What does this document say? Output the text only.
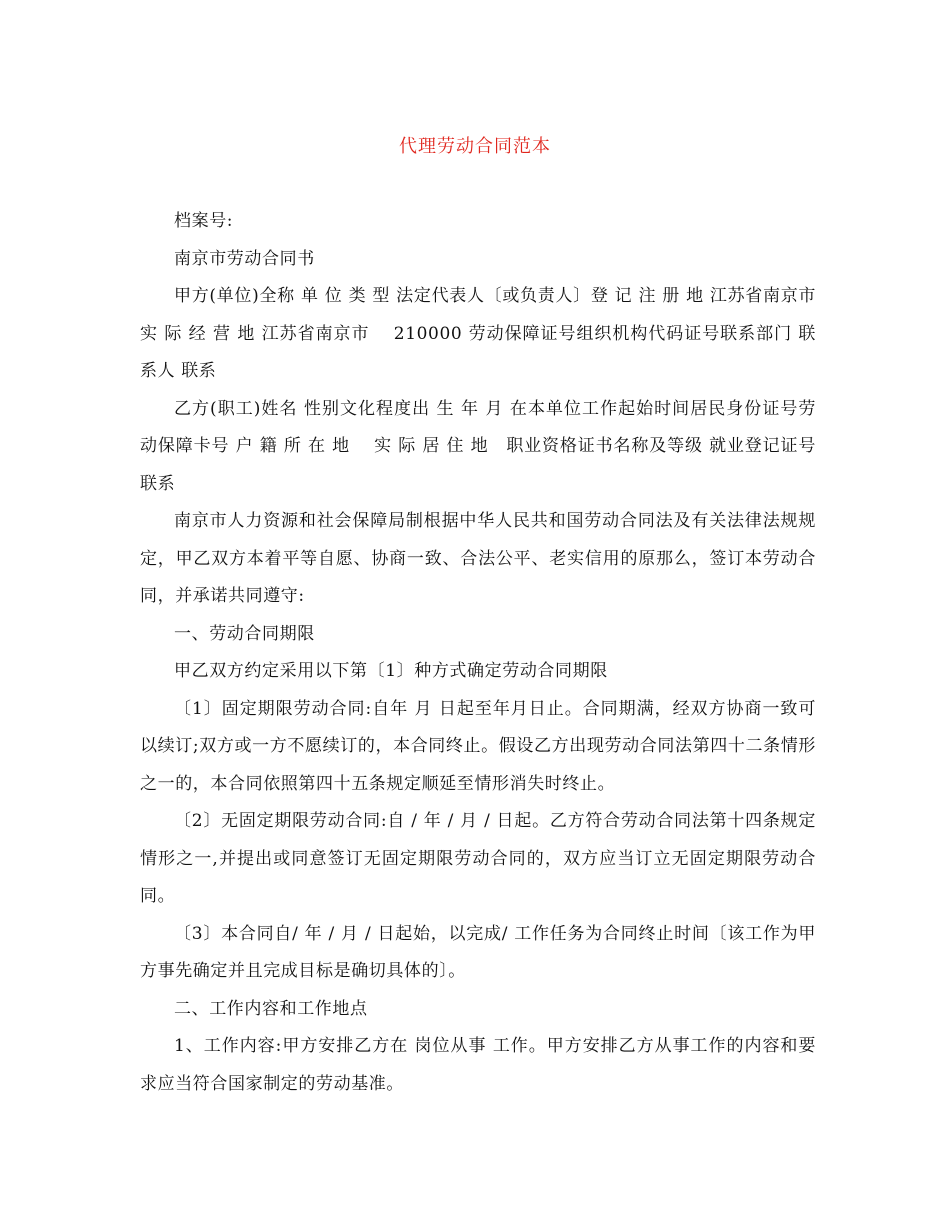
代理劳动合同范本

档案号:

南京市劳动合同书

甲方(单位)全称 单 位 类 型 法定代表人〔或负责人〕登 记 注 册 地 江苏省南京市　 实 际 经 营 地 江苏省南京市　 210000 劳动保障证号组织机构代码证号联系部门 联系人 联系

乙方(职工)姓名 性别文化程度出 生 年 月 在本单位工作起始时间居民身份证号劳动保障卡号 户 籍 所 在 地 　实 际 居 住 地　职业资格证书名称及等级 就业登记证号联系

南京市人力资源和社会保障局制根据中华人民共和国劳动合同法及有关法律法规规定，甲乙双方本着平等自愿、协商一致、合法公平、老实信用的原那么，签订本劳动合同，并承诺共同遵守:

一、劳动合同期限

甲乙双方约定采用以下第〔1〕种方式确定劳动合同期限

〔1〕固定期限劳动合同:自年 月 日起至年月日止。合同期满，经双方协商一致可以续订;双方或一方不愿续订的，本合同终止。假设乙方出现劳动合同法第四十二条情形之一的，本合同依照第四十五条规定顺延至情形消失时终止。

〔2〕无固定期限劳动合同:自 / 年 / 月 / 日起。乙方符合劳动合同法第十四条规定情形之一,并提出或同意签订无固定期限劳动合同的，双方应当订立无固定期限劳动合同。

〔3〕本合同自/ 年 / 月 / 日起始，以完成/ 工作任务为合同终止时间〔该工作为甲方事先确定并且完成目标是确切具体的〕。

二、工作内容和工作地点

1、工作内容:甲方安排乙方在 岗位从事 工作。甲方安排乙方从事工作的内容和要求应当符合国家制定的劳动基准。
